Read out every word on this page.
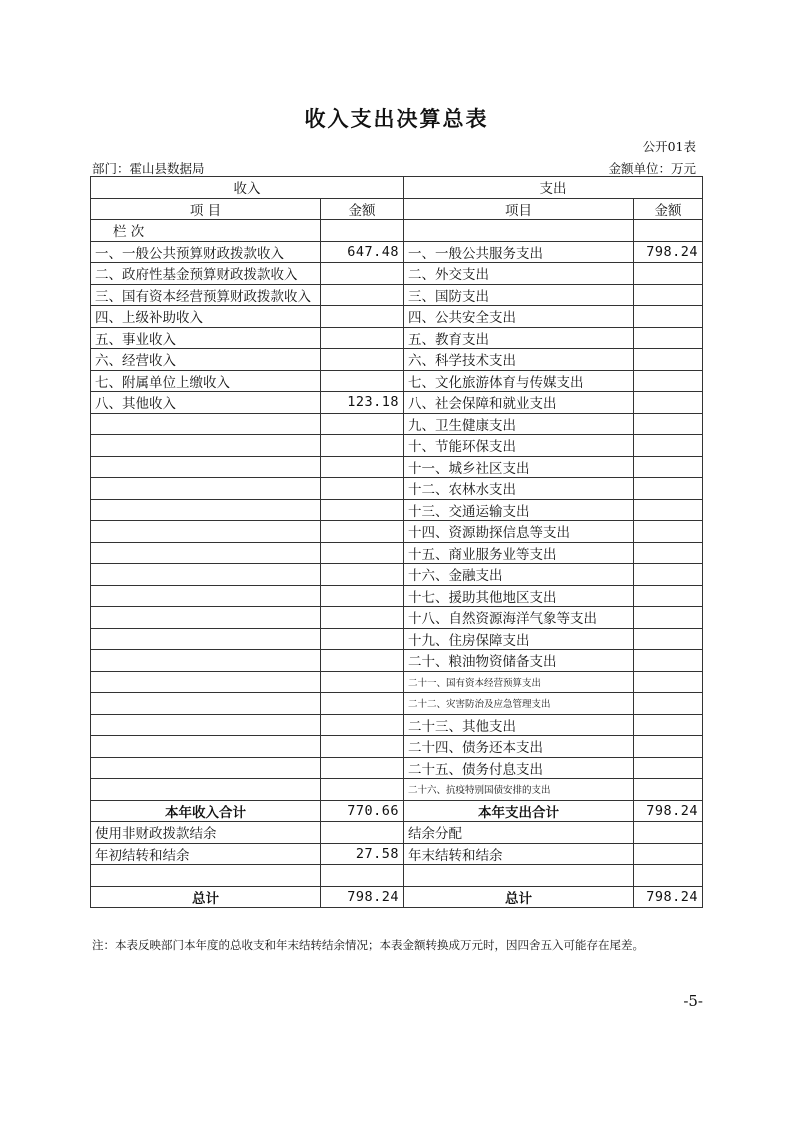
收入支出决算总表
公开01表
部门：霍山县数据局	金额单位：万元
收入		支出	
项 目	金额	项目	金额
栏 次			
一、一般公共预算财政拨款收入	647.48	一、一般公共服务支出	798.24
二、政府性基金预算财政拨款收入		二、外交支出	
三、国有资本经营预算财政拨款收入		三、国防支出	
四、上级补助收入		四、公共安全支出	
五、事业收入		五、教育支出	
六、经营收入		六、科学技术支出	
七、附属单位上缴收入		七、文化旅游体育与传媒支出	
八、其他收入	123.18	八、社会保障和就业支出	
		九、卫生健康支出	
		十、节能环保支出	
		十一、城乡社区支出	
		十二、农林水支出	
		十三、交通运输支出	
		十四、资源勘探信息等支出	
		十五、商业服务业等支出	
		十六、金融支出	
		十七、援助其他地区支出	
		十八、自然资源海洋气象等支出	
		十九、住房保障支出	
		二十、粮油物资储备支出	
		二十一、国有资本经营预算支出	
		二十二、灾害防治及应急管理支出	
		二十三、其他支出	
		二十四、债务还本支出	
		二十五、债务付息支出	
		二十六、抗疫特别国债安排的支出	
本年收入合计	770.66	本年支出合计	798.24
使用非财政拨款结余		结余分配	
年初结转和结余	27.58	年末结转和结余	

总计	798.24	总计	798.24
注：本表反映部门本年度的总收支和年末结转结余情况；本表金额转换成万元时，因四舍五入可能存在尾差。
-5-
